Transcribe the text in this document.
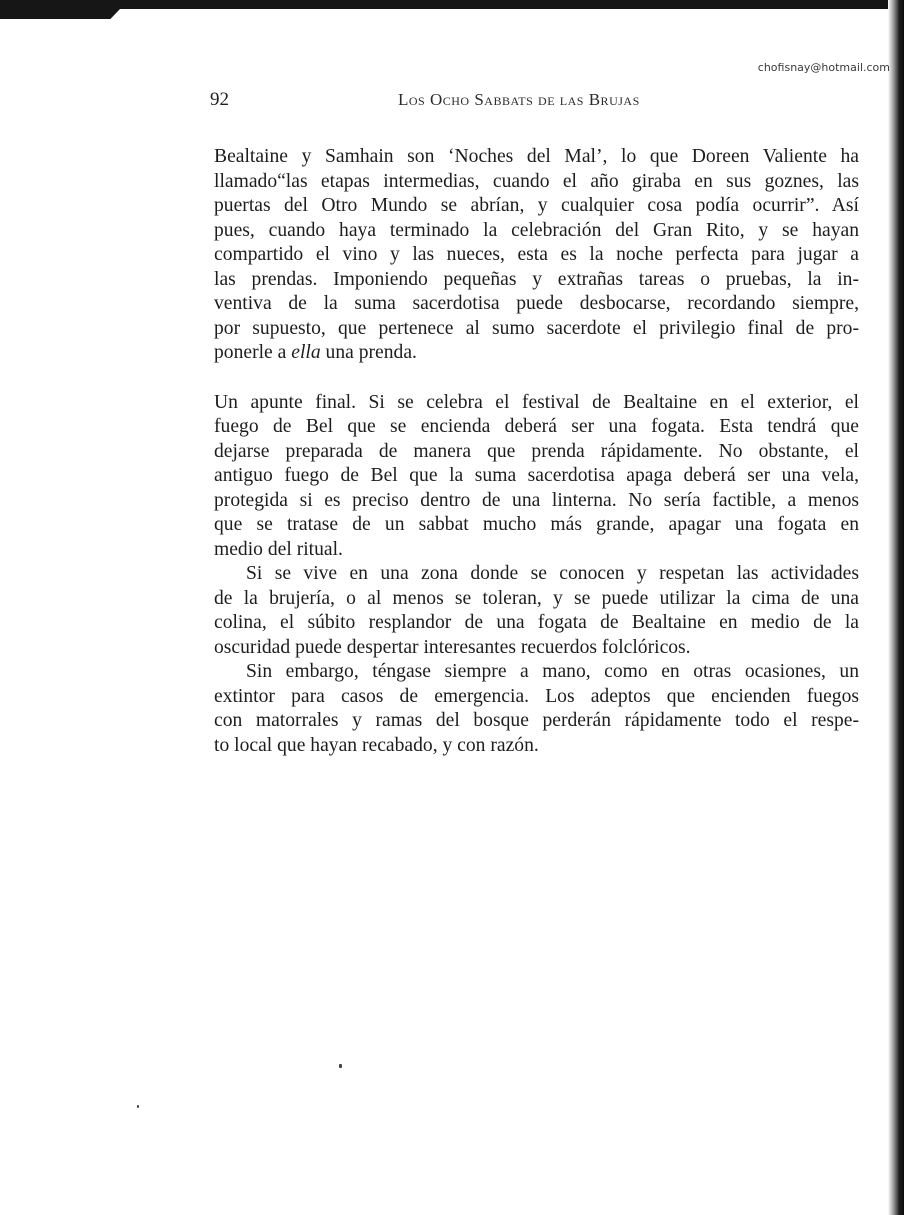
chofisnay@hotmail.com

92	Los Ocho Sabbats de las Brujas

Bealtaine y Samhain son ‘Noches del Mal’, lo que Doreen Valiente ha
llamado“las etapas intermedias, cuando el año giraba en sus goznes, las
puertas del Otro Mundo se abrían, y cualquier cosa podía ocurrir”. Así
pues, cuando haya terminado la celebración del Gran Rito, y se hayan
compartido el vino y las nueces, esta es la noche perfecta para jugar a
las prendas. Imponiendo pequeñas y extrañas tareas o pruebas, la in-
ventiva de la suma sacerdotisa puede desbocarse, recordando siempre,
por supuesto, que pertenece al sumo sacerdote el privilegio final de pro-
ponerle a ella una prenda.
Un apunte final. Si se celebra el festival de Bealtaine en el exterior, el
fuego de Bel que se encienda deberá ser una fogata. Esta tendrá que
dejarse preparada de manera que prenda rápidamente. No obstante, el
antiguo fuego de Bel que la suma sacerdotisa apaga deberá ser una vela,
protegida si es preciso dentro de una linterna. No sería factible, a menos
que se tratase de un sabbat mucho más grande, apagar una fogata en
medio del ritual.
Si se vive en una zona donde se conocen y respetan las actividades
de la brujería, o al menos se toleran, y se puede utilizar la cima de una
colina, el súbito resplandor de una fogata de Bealtaine en medio de la
oscuridad puede despertar interesantes recuerdos folclóricos.
Sin embargo, téngase siempre a mano, como en otras ocasiones, un
extintor para casos de emergencia. Los adeptos que encienden fuegos
con matorrales y ramas del bosque perderán rápidamente todo el respe-
to local que hayan recabado, y con razón.
